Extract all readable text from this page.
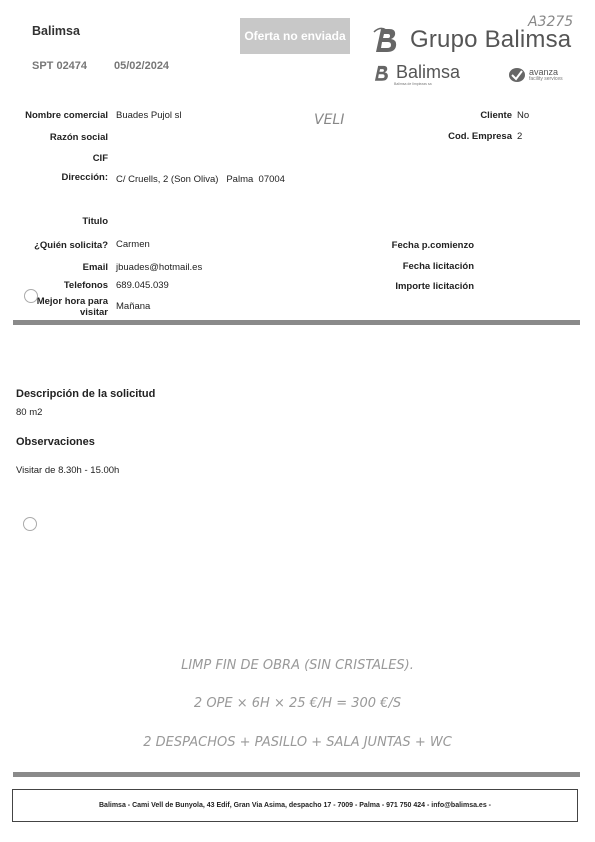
Balimsa
SPT 02474 05/02/2024
Oferta no enviada	Grupo Balimsa
Balimsa
Balimsa de limpiezas sa
avanza
facility services
A3275
Nombre comercial Buades Pujol sl
Razón social
CIF
Dirección: C/ Cruells, 2 (Son Oliva)   Palma  07004
Cliente No
Cod. Empresa 2
VELI
Titulo
¿Quién solicita? Carmen
Email jbuades@hotmail.es
Telefonos 689.045.039
Mejor hora para visitar
Mañana
Fecha p.comienzo
Fecha licitación
Importe licitación
Descripción de la solicitud
80 m2
Observaciones
Visitar de 8.30h - 15.00h
LIMP FIN DE OBRA (SIN CRISTALES).
2 OPE × 6H × 25 €/H = 300 €/S
2 DESPACHOS + PASILLO + SALA JUNTAS + WC
Balimsa - Cami Vell de Bunyola, 43 Edif, Gran Via Asima, despacho 17 - 7009 - Palma - 971 750 424 - info@balimsa.es -
